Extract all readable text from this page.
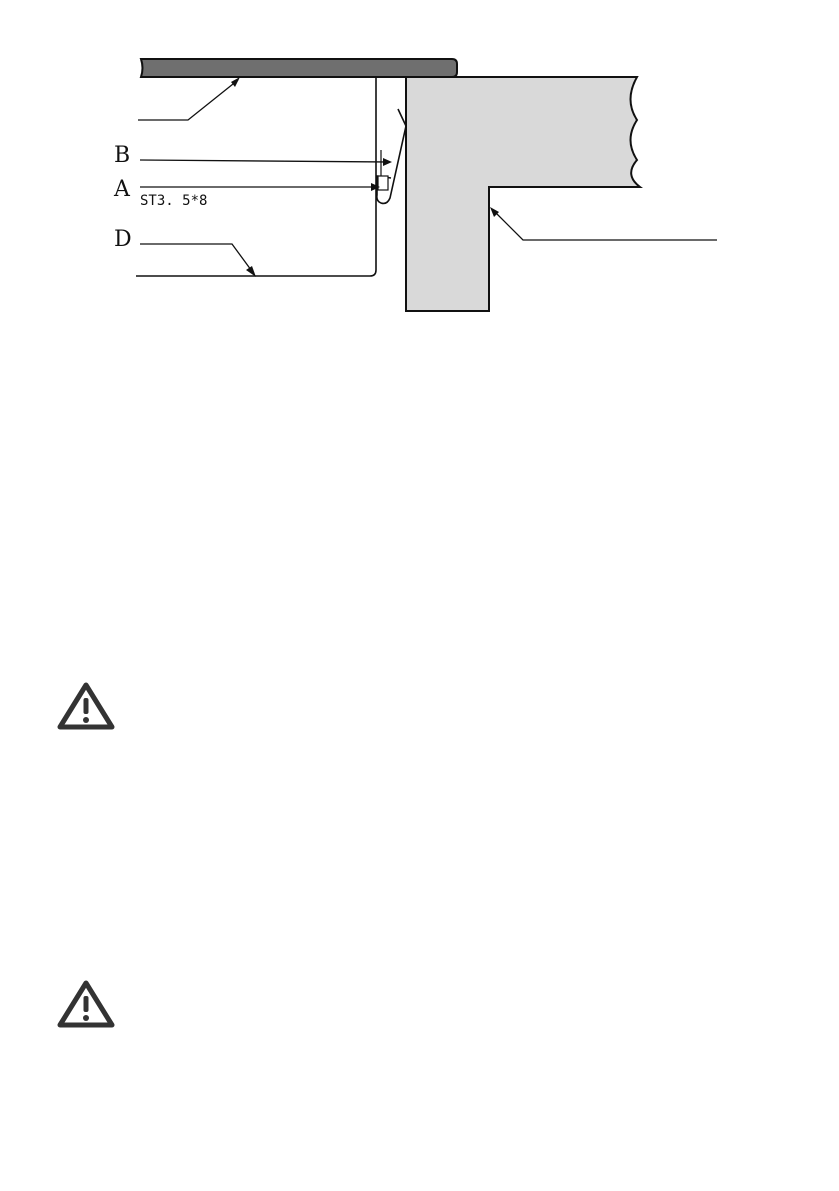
B
A ST3. 5*8
D
